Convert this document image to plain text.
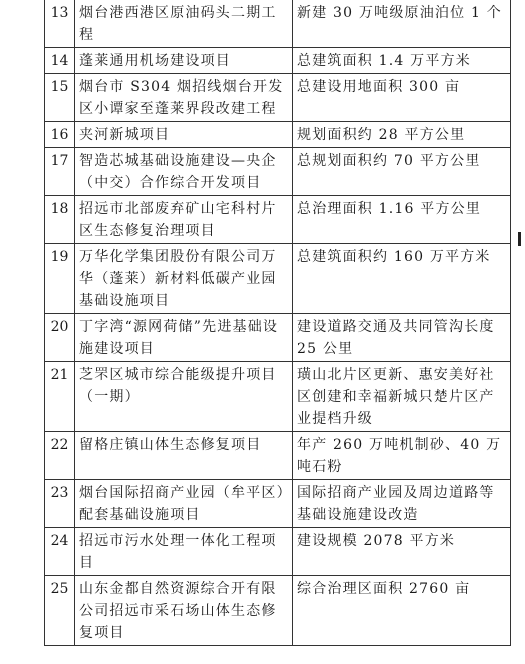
13	烟台港西港区原油码头二期工程	新建 30 万吨级原油泊位 1 个
14	蓬莱通用机场建设项目	总建筑面积 1.4 万平方米
15	烟台市 S304 烟招线烟台开发区小谭家至蓬莱界段改建工程	总建设用地面积 300 亩
16	夹河新城项目	规划面积约 28 平方公里
17	智造芯城基础设施建设—央企（中交）合作综合开发项目	总规划面积约 70 平方公里
18	招远市北部废弃矿山宅科村片区生态修复治理项目	总治理面积 1.16 平方公里
19	万华化学集团股份有限公司万华（蓬莱）新材料低碳产业园基础设施项目	总建筑面积约 160 万平方米
20	丁字湾“源网荷储”先进基础设施建设项目	建设道路交通及共同管沟长度 25 公里
21	芝罘区城市综合能级提升项目（一期）	璜山北片区更新、惠安美好社区创建和幸福新城只楚片区产业提档升级
22	留格庄镇山体生态修复项目	年产 260 万吨机制砂、40 万吨石粉
23	烟台国际招商产业园（牟平区）配套基础设施项目	国际招商产业园及周边道路等基础设施建设改造
24	招远市污水处理一体化工程项目	建设规模 2078 平方米
25	山东金都自然资源综合开有限公司招远市采石场山体生态修复项目	综合治理区面积 2760 亩
